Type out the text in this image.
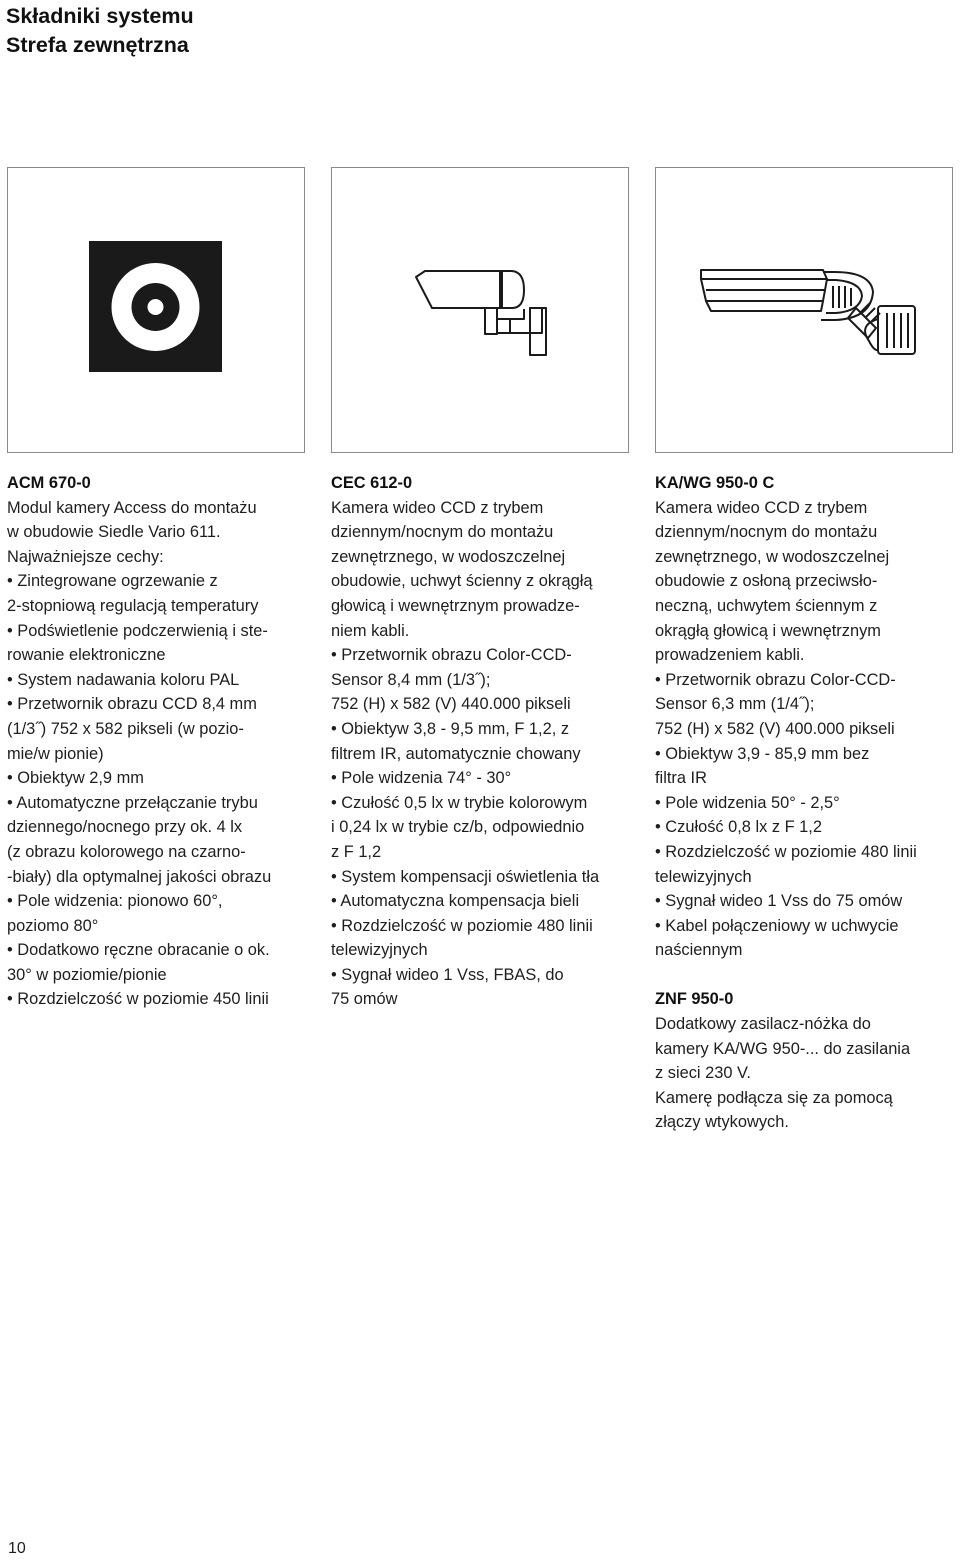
Składniki systemu
Strefa zewnętrzna
ACM 670-0
Modul kamery Access do montażu
w obudowie Siedle Vario 611.
Najważniejsze cechy:
• Zintegrowane ogrzewanie z
2-stopniową regulacją temperatury
• Podświetlenie podczerwienią i ste-
rowanie elektroniczne
• System nadawania koloru PAL
• Przetwornik obrazu CCD 8,4 mm
(1/3˝) 752 x 582 pikseli (w pozio-
mie/w pionie)
• Obiektyw 2,9 mm
• Automatyczne przełączanie trybu
dziennego/nocnego przy ok. 4 lx
(z obrazu kolorowego na czarno-
-biały) dla optymalnej jakości obrazu
• Pole widzenia: pionowo 60°,
poziomo 80°
• Dodatkowo ręczne obracanie o ok.
30° w poziomie/pionie
• Rozdzielczość w poziomie 450 linii
CEC 612-0
Kamera wideo CCD z trybem
dziennym/nocnym do montażu
zewnętrznego, w wodoszczelnej
obudowie, uchwyt ścienny z okrągłą
głowicą i wewnętrznym prowadze-
niem kabli.
• Przetwornik obrazu Color-CCD-
Sensor 8,4 mm (1/3˝);
752 (H) x 582 (V) 440.000 pikseli
• Obiektyw 3,8 - 9,5 mm, F 1,2, z
filtrem IR, automatycznie chowany
• Pole widzenia 74° - 30°
• Czułość 0,5 lx w trybie kolorowym
i 0,24 lx w trybie cz/b, odpowiednio
z F 1,2
• System kompensacji oświetlenia tła
• Automatyczna kompensacja bieli
• Rozdzielczość w poziomie 480 linii
telewizyjnych
• Sygnał wideo 1 Vss, FBAS, do
75 omów
KA/WG 950-0 C
Kamera wideo CCD z trybem
dziennym/nocnym do montażu
zewnętrznego, w wodoszczelnej
obudowie z osłoną przeciwsło-
neczną, uchwytem ściennym z
okrągłą głowicą i wewnętrznym
prowadzeniem kabli.
• Przetwornik obrazu Color-CCD-
Sensor 6,3 mm (1/4˝);
752 (H) x 582 (V) 400.000 pikseli
• Obiektyw 3,9 - 85,9 mm bez
filtra IR
• Pole widzenia 50° - 2,5°
• Czułość 0,8 lx z F 1,2
• Rozdzielczość w poziomie 480 linii
telewizyjnych
• Sygnał wideo 1 Vss do 75 omów
• Kabel połączeniowy w uchwycie
naściennym
ZNF 950-0
Dodatkowy zasilacz-nóżka do
kamery KA/WG 950-... do zasilania
z sieci 230 V.
Kamerę podłącza się za pomocą
złączy wtykowych.
10
